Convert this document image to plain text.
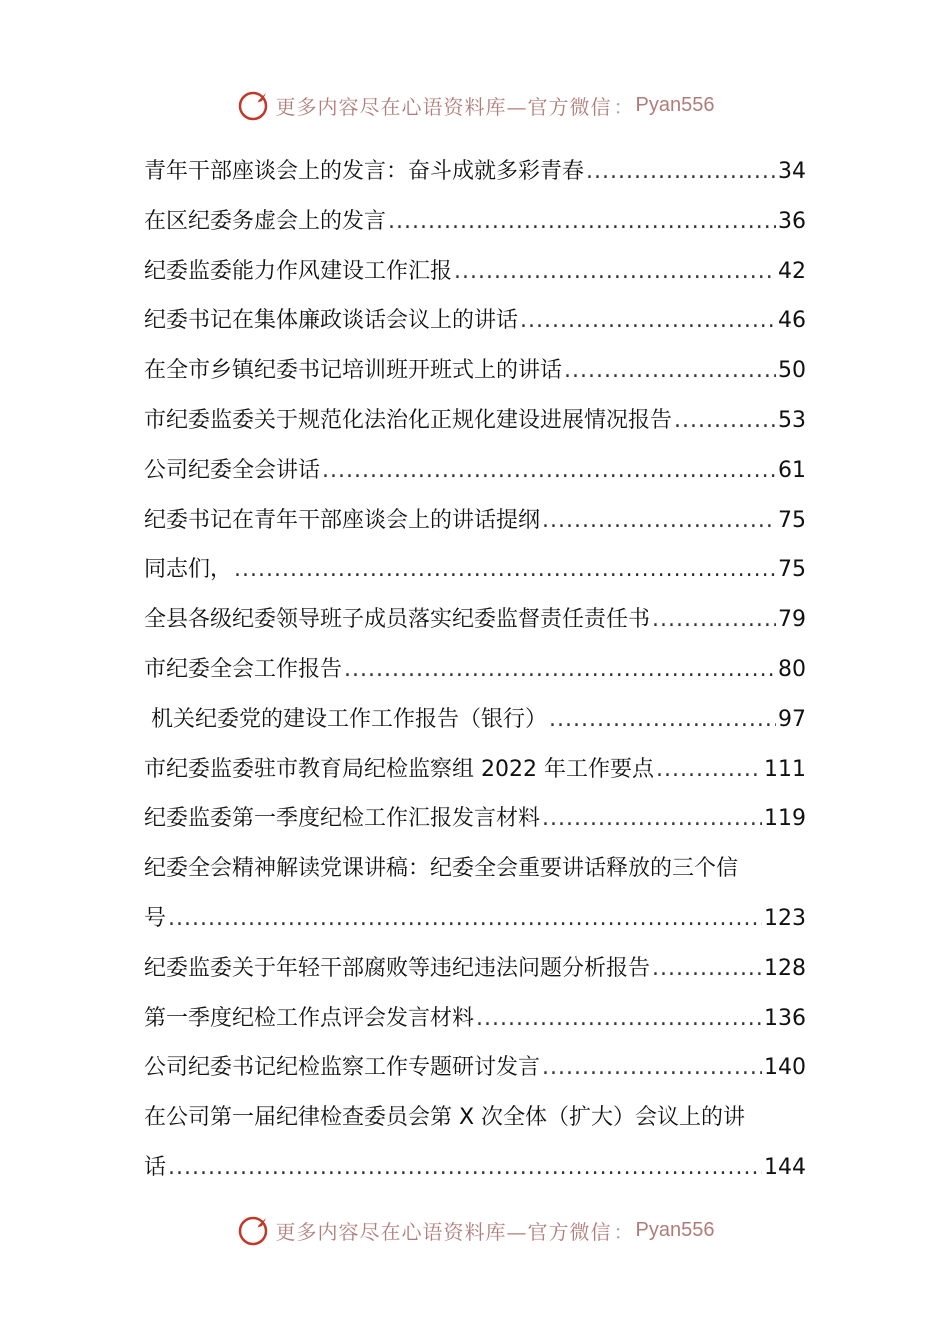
更多内容尽在心语资料库—官方微信 ： Pyan556
青年干部座谈会上的发言：奋斗成就多彩青春 .....	34
在区纪委务虚会上的发言 .....	36
纪委监委能力作风建设工作汇报 .....	42
纪委书记在集体廉政谈话会议上的讲话 .....	46
在全市乡镇纪委书记培训班开班式上的讲话 .....	50
市纪委监委关于规范化法治化正规化建设进展情况报告 .....	53
公司纪委全会讲话 .....	61
纪委书记在青年干部座谈会上的讲话提纲 .....	75
同志们， .....	75
全县各级纪委领导班子成员落实纪委监督责任责任书 .....	79
市纪委全会工作报告 .....	80
机关纪委党的建设工作工作报告（银行） .....	97
市纪委监委驻市教育局纪检监察组 2022 年工作要点 .....	111
纪委监委第一季度纪检工作汇报发言材料 .....	119
纪委全会精神解读党课讲稿：纪委全会重要讲话释放的三个信
号 .....	123
纪委监委关于年轻干部腐败等违纪违法问题分析报告 .....	128
第一季度纪检工作点评会发言材料 .....	136
公司纪委书记纪检监察工作专题研讨发言 .....	140
在公司第一届纪律检查委员会第 X 次全体（扩大）会议上的讲
话 .....	144
更多内容尽在心语资料库—官方微信 ： Pyan556
